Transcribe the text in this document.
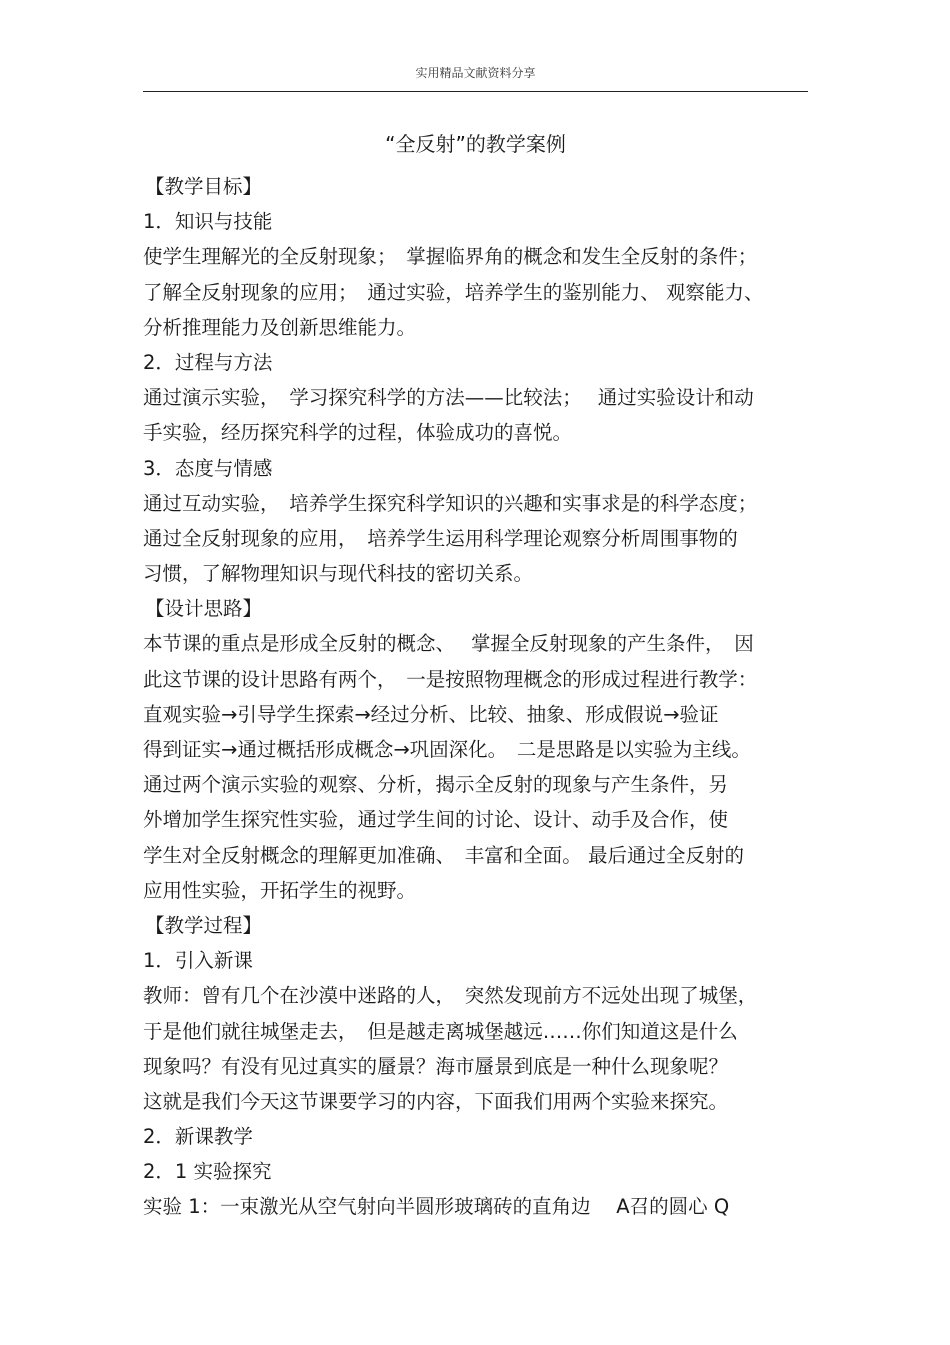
实用精品文献资料分享
“全反射”的教学案例
【教学目标】
1．知识与技能
使学生理解光的全反射现象；　掌握临界角的概念和发生全反射的条件；
了解全反射现象的应用；　通过实验，培养学生的鉴别能力、 观察能力、
分析推理能力及创新思维能力。
2．过程与方法
通过演示实验，　学习探究科学的方法——比较法；　 通过实验设计和动
手实验，经历探究科学的过程，体验成功的喜悦。
3．态度与情感
通过互动实验，　培养学生探究科学知识的兴趣和实事求是的科学态度；
通过全反射现象的应用，　培养学生运用科学理论观察分析周围事物的
习惯，了解物理知识与现代科技的密切关系。
【设计思路】
本节课的重点是形成全反射的概念、　 掌握全反射现象的产生条件，　因
此这节课的设计思路有两个，　一是按照物理概念的形成过程进行教学：
直观实验→引导学生探索→经过分析、比较、抽象、形成假说→验证
得到证实→通过概括形成概念→巩固深化。　二是思路是以实验为主线。
通过两个演示实验的观察、分析，揭示全反射的现象与产生条件，另
外增加学生探究性实验，通过学生间的讨论、设计、动手及合作，使
学生对全反射概念的理解更加准确、　丰富和全面。 最后通过全反射的
应用性实验，开拓学生的视野。
【教学过程】
1．引入新课
教师：曾有几个在沙漠中迷路的人，　突然发现前方不远处出现了城堡，
于是他们就往城堡走去，　但是越走离城堡越远……你们知道这是什么
现象吗？有没有见过真实的蜃景？海市蜃景到底是一种什么现象呢？
这就是我们今天这节课要学习的内容，下面我们用两个实验来探究。
2．新课教学
2．1 实验探究
实验 1：一束激光从空气射向半圆形玻璃砖的直角边　 A召的圆心 Q
